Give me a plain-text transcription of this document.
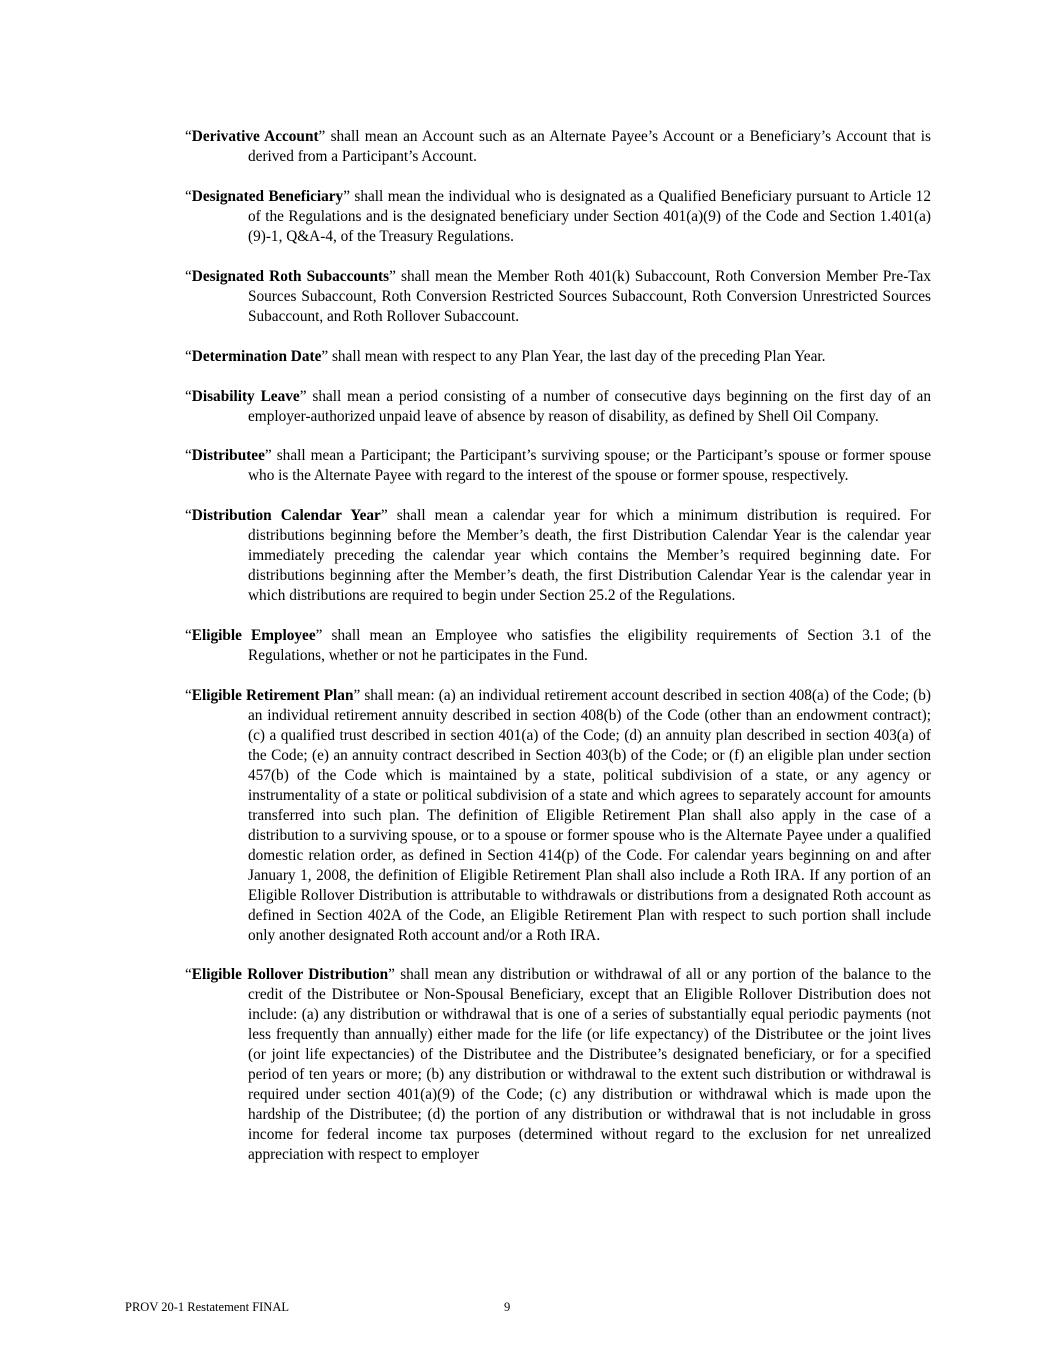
“Derivative Account” shall mean an Account such as an Alternate Payee’s Account or a Beneficiary’s Account that is derived from a Participant’s Account.

“Designated Beneficiary” shall mean the individual who is designated as a Qualified Beneficiary pursuant to Article 12 of the Regulations and is the designated beneficiary under Section 401(a)(9) of the Code and Section 1.401(a)(9)-1, Q&A-4, of the Treasury Regulations.

“Designated Roth Subaccounts” shall mean the Member Roth 401(k) Subaccount, Roth Conversion Member Pre-Tax Sources Subaccount, Roth Conversion Restricted Sources Subaccount, Roth Conversion Unrestricted Sources Subaccount, and Roth Rollover Subaccount.

“Determination Date” shall mean with respect to any Plan Year, the last day of the preceding Plan Year.

“Disability Leave” shall mean a period consisting of a number of consecutive days beginning on the first day of an employer-authorized unpaid leave of absence by reason of disability, as defined by Shell Oil Company.

“Distributee” shall mean a Participant; the Participant’s surviving spouse; or the Participant’s spouse or former spouse who is the Alternate Payee with regard to the interest of the spouse or former spouse, respectively.

“Distribution Calendar Year” shall mean a calendar year for which a minimum distribution is required. For distributions beginning before the Member’s death, the first Distribution Calendar Year is the calendar year immediately preceding the calendar year which contains the Member’s required beginning date. For distributions beginning after the Member’s death, the first Distribution Calendar Year is the calendar year in which distributions are required to begin under Section 25.2 of the Regulations.

“Eligible Employee” shall mean an Employee who satisfies the eligibility requirements of Section 3.1 of the Regulations, whether or not he participates in the Fund.

“Eligible Retirement Plan” shall mean: (a) an individual retirement account described in section 408(a) of the Code; (b) an individual retirement annuity described in section 408(b) of the Code (other than an endowment contract); (c) a qualified trust described in section 401(a) of the Code; (d) an annuity plan described in section 403(a) of the Code; (e) an annuity contract described in Section 403(b) of the Code; or (f) an eligible plan under section 457(b) of the Code which is maintained by a state, political subdivision of a state, or any agency or instrumentality of a state or political subdivision of a state and which agrees to separately account for amounts transferred into such plan. The definition of Eligible Retirement Plan shall also apply in the case of a distribution to a surviving spouse, or to a spouse or former spouse who is the Alternate Payee under a qualified domestic relation order, as defined in Section 414(p) of the Code. For calendar years beginning on and after January 1, 2008, the definition of Eligible Retirement Plan shall also include a Roth IRA. If any portion of an Eligible Rollover Distribution is attributable to withdrawals or distributions from a designated Roth account as defined in Section 402A of the Code, an Eligible Retirement Plan with respect to such portion shall include only another designated Roth account and/or a Roth IRA.

“Eligible Rollover Distribution” shall mean any distribution or withdrawal of all or any portion of the balance to the credit of the Distributee or Non-Spousal Beneficiary, except that an Eligible Rollover Distribution does not include: (a) any distribution or withdrawal that is one of a series of substantially equal periodic payments (not less frequently than annually) either made for the life (or life expectancy) of the Distributee or the joint lives (or joint life expectancies) of the Distributee and the Distributee’s designated beneficiary, or for a specified period of ten years or more; (b) any distribution or withdrawal to the extent such distribution or withdrawal is required under section 401(a)(9) of the Code; (c) any distribution or withdrawal which is made upon the hardship of the Distributee; (d) the portion of any distribution or withdrawal that is not includable in gross income for federal income tax purposes (determined without regard to the exclusion for net unrealized appreciation with respect to employer

PROV 20-1 Restatement FINAL	9
